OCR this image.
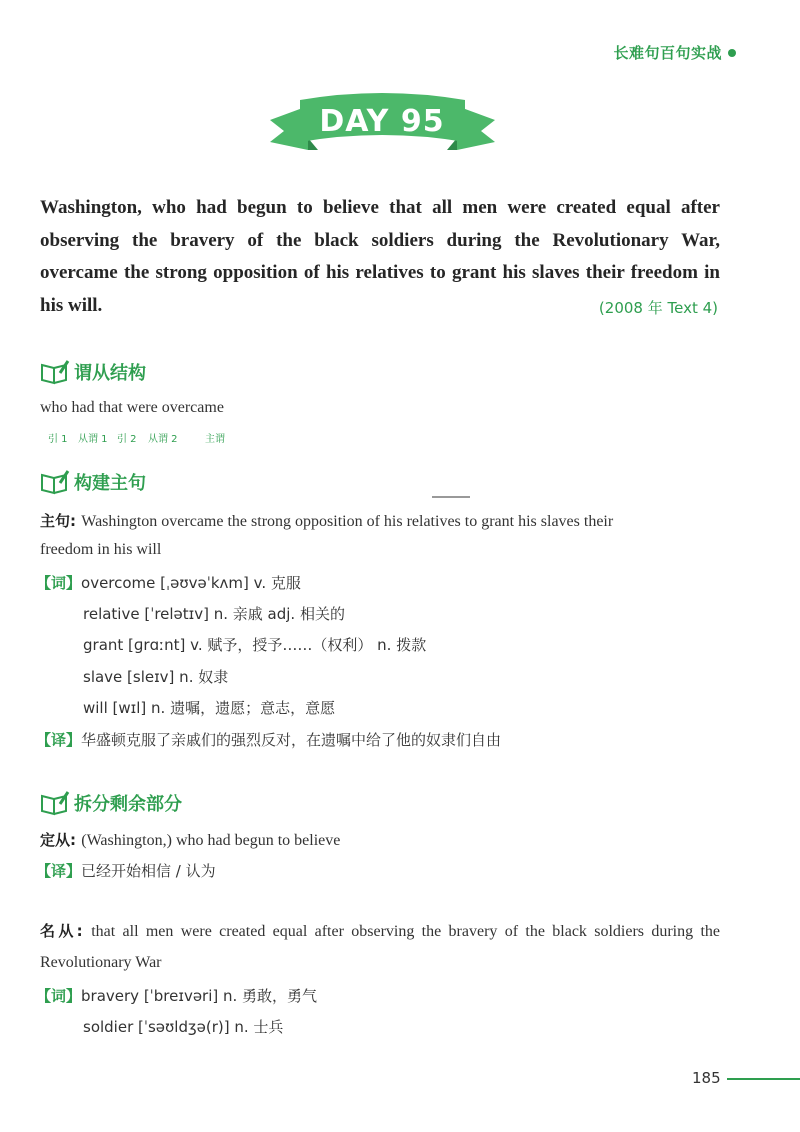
长难句百句实战
DAY 95
Washington, who had begun to believe that all men were created equal after observing the bravery of the black soldiers during the Revolutionary War, overcame the strong opposition of his relatives to grant his slaves their freedom in his will.	(2008 年 Text 4)
谓从结构
who had that were overcame
引 1 从谓 1 引 2 从谓 2	主谓
构建主句
主句: Washington overcame the strong opposition of his relatives to grant his slaves their
freedom in his will
【词】overcome [ˌəʊvəˈkʌm] v. 克服
relative [ˈrelətɪv] n. 亲戚 adj. 相关的
grant [ɡrɑːnt] v. 赋予，授予……（权利） n. 拨款
slave [sleɪv] n. 奴隶
will [wɪl] n. 遗嘱，遗愿；意志，意愿
【译】华盛顿克服了亲戚们的强烈反对，在遗嘱中给了他的奴隶们自由
拆分剩余部分
定从: (Washington,) who had begun to believe
【译】已经开始相信 / 认为
名从: that all men were created equal after observing the bravery of the black soldiers during the Revolutionary War
【词】bravery [ˈbreɪvəri] n. 勇敢，勇气
soldier [ˈsəʊldʒə(r)] n. 士兵
185
